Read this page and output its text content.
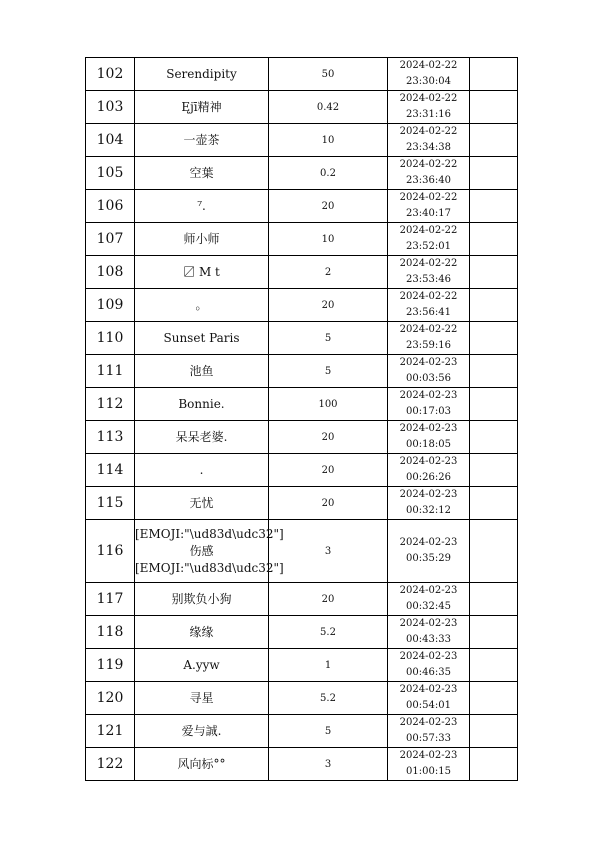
102	Serendipity	50	2024-02-22
23:30:04	

103	Ęjī精神	0.42	2024-02-22
23:31:16	

104	一壶茶	10	2024-02-22
23:34:38	

105	空葉	0.2	2024-02-22
23:36:40	

106	⁷.	20	2024-02-22
23:40:17	

107	师小师	10	2024-02-22
23:52:01	

108	〼 M t	2	2024-02-22
23:53:46	

109	。	20	2024-02-22
23:56:41	

110	Sunset Paris	5	2024-02-22
23:59:16	

111	池鱼	5	2024-02-23
00:03:56	

112	Bonnie.	100	2024-02-23
00:17:03	

113	呆呆老婆.	20	2024-02-23
00:18:05	

114	.	20	2024-02-23
00:26:26	

115	无忧	20	2024-02-23
00:32:12	

116	[EMOJI:"\ud83d\udc32"]伤感[EMOJI:"\ud83d\udc32"]	3	2024-02-23
00:35:29	

117	别欺负小狗	20	2024-02-23
00:32:45	

118	缘缘	5.2	2024-02-23
00:43:33	

119	A.yyw	1	2024-02-23
00:46:35	

120	寻星	5.2	2024-02-23
00:54:01	

121	爱与誠.	5	2024-02-23
00:57:33	

122	风向标°°	3	2024-02-23
01:00:15	
